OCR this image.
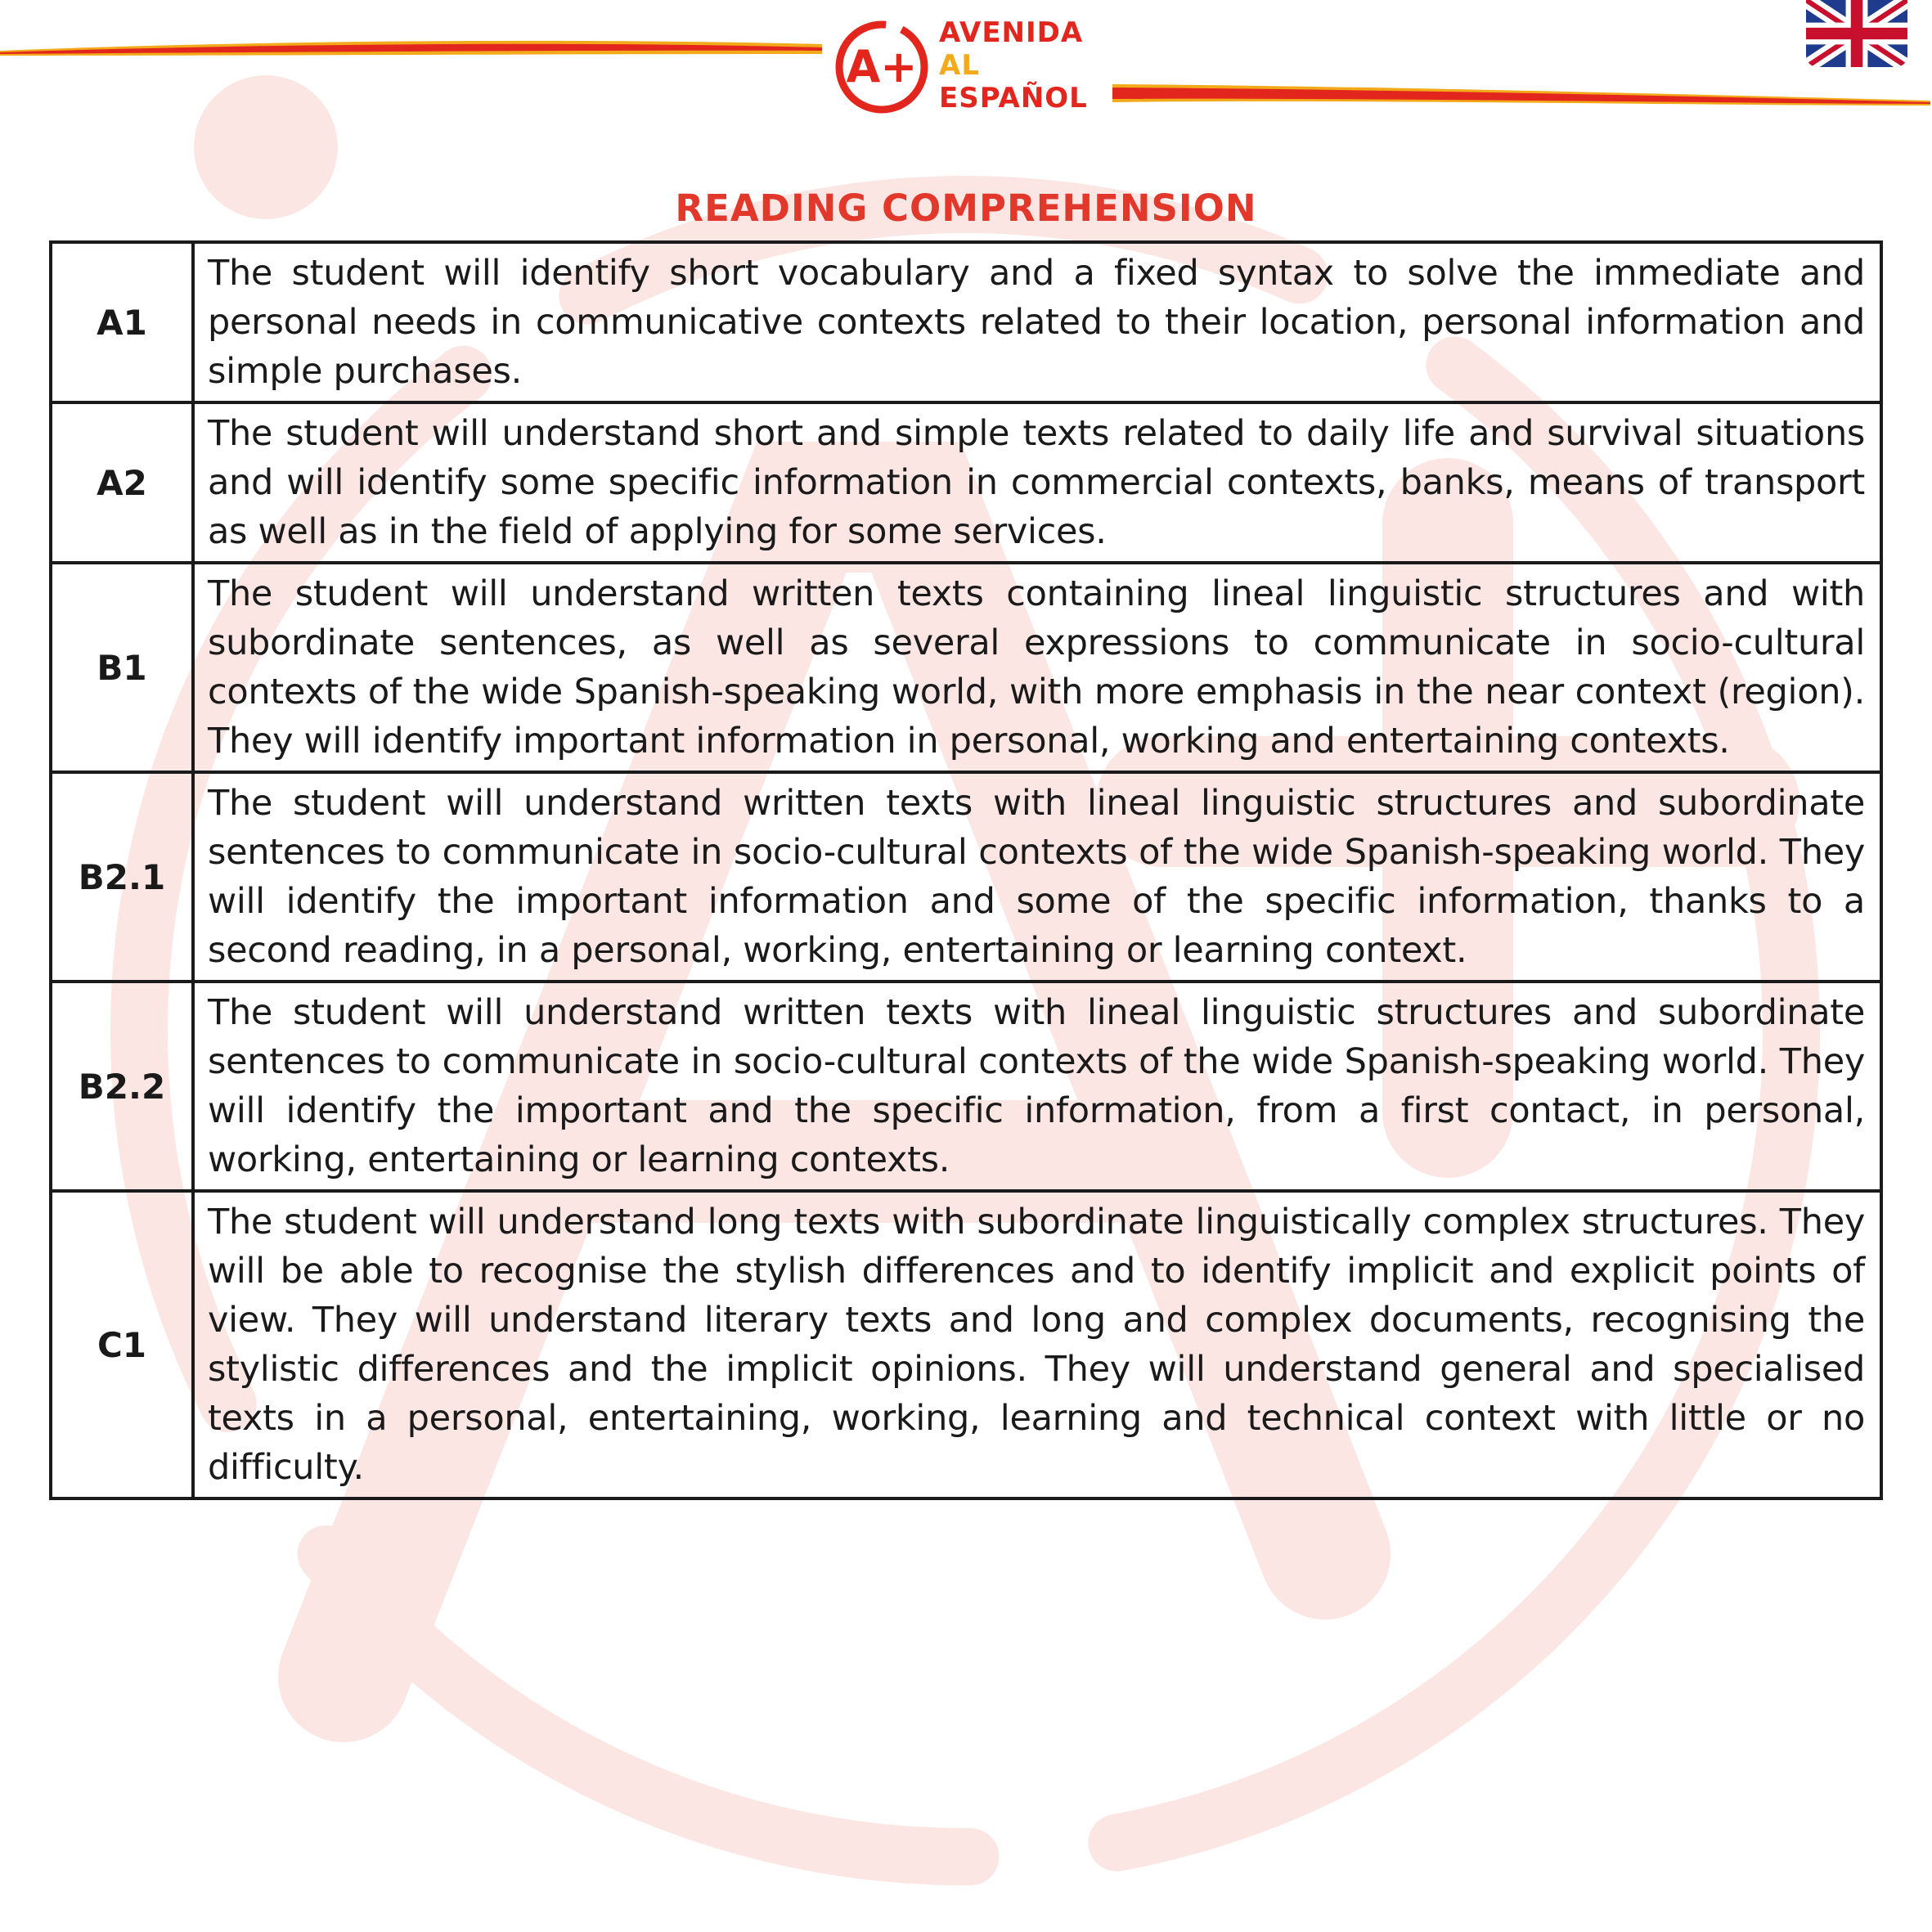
A+
AVENIDA
AL
ESPAÑOL
READING COMPREHENSION
A1	The student will identify short vocabulary and a fixed syntax to solve the immediate and personal needs in communicative contexts related to their location, personal information and simple purchases.
A2	The student will understand short and simple texts related to daily life and survival situations and will identify some specific information in commercial contexts, banks, means of transport as well as in the field of applying for some services.
B1	The student will understand written texts containing lineal linguistic structures and with subordinate sentences, as well as several expressions to communicate in socio-cultural contexts of the wide Spanish-speaking world, with more emphasis in the near context (region). They will identify important information in personal, working and entertaining contexts.
B2.1	The student will understand written texts with lineal linguistic structures and subordinate sentences to communicate in socio-cultural contexts of the wide Spanish-speaking world. They will identify the important information and some of the specific information, thanks to a second reading, in a personal, working, entertaining or learning context.
B2.2	The student will understand written texts with lineal linguistic structures and subordinate sentences to communicate in socio-cultural contexts of the wide Spanish-speaking world. They will identify the important and the specific information, from a first contact, in personal, working, entertaining or learning contexts.
C1	The student will understand long texts with subordinate linguistically complex structures. They will be able to recognise the stylish differences and to identify implicit and explicit points of view. They will understand literary texts and long and complex documents, recognising the stylistic differences and the implicit opinions. They will understand general and specialised texts in a personal, entertaining, working, learning and technical context with little or no difficulty.
